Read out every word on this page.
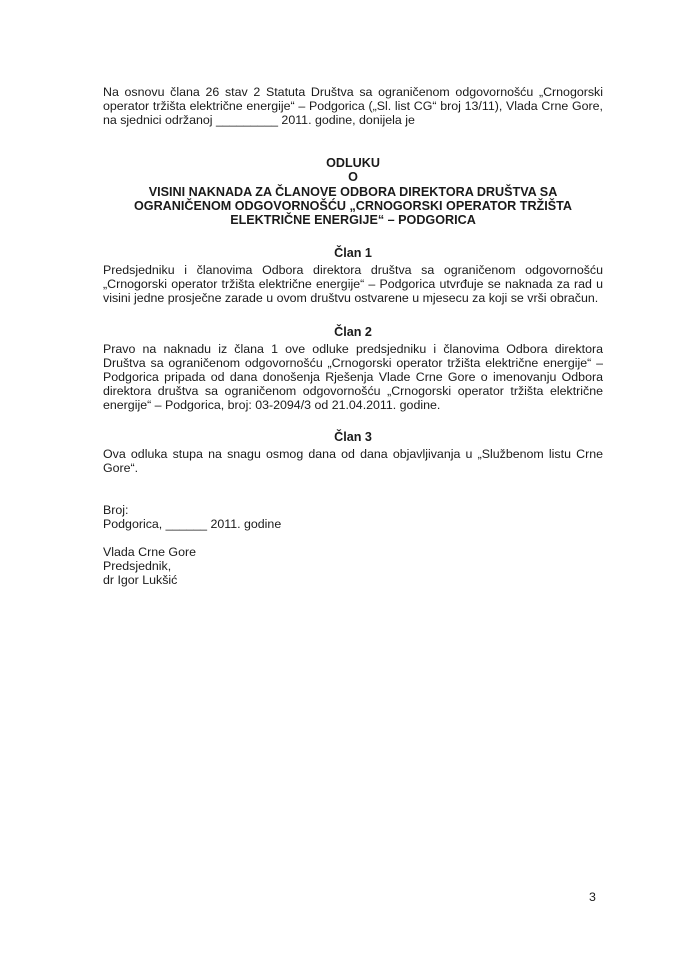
Na osnovu člana 26 stav 2 Statuta Društva sa ograničenom odgovornošću „Crnogorski operator tržišta električne energije“ – Podgorica („Sl. list CG“ broj 13/11), Vlada Crne Gore, na sjednici održanoj _________ 2011. godine, donijela je

ODLUKU

O

VISINI NAKNADA ZA ČLANOVE ODBORA DIREKTORA DRUŠTVA SA

OGRANIČENOM ODGOVORNOŠĆU „CRNOGORSKI OPERATOR TRŽIŠTA

ELEKTRIČNE ENERGIJE“ – PODGORICA

Član 1

Predsjedniku i članovima Odbora direktora društva sa ograničenom odgovornošću „Crnogorski operator tržišta električne energije“ – Podgorica utvrđuje se naknada za rad u visini jedne prosječne zarade u ovom društvu ostvarene u mjesecu za koji se vrši obračun.

Član 2

Pravo na naknadu iz člana 1 ove odluke predsjedniku i članovima Odbora direktora Društva sa ograničenom odgovornošću „Crnogorski operator tržišta električne energije“ – Podgorica pripada od dana donošenja Rješenja Vlade Crne Gore o imenovanju Odbora direktora društva sa ograničenom odgovornošću „Crnogorski operator tržišta električne energije“ – Podgorica, broj: 03-2094/3 od 21.04.2011. godine.

Član 3

Ova odluka stupa na snagu osmog dana od dana objavljivanja u „Službenom listu Crne Gore“.

Broj:

Podgorica, ______ 2011. godine

Vlada Crne Gore

Predsjednik,

dr Igor Lukšić

3
